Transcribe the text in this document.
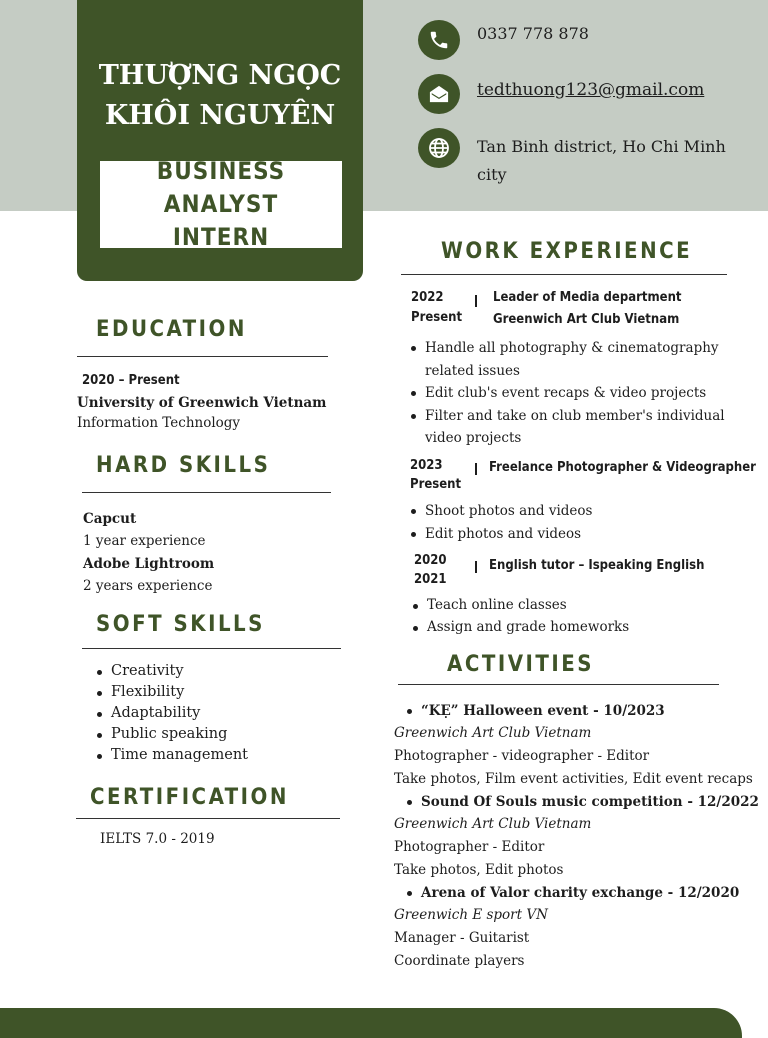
THƯỢNG NGỌC KHÔI NGUYÊN
BUSINESS ANALYST INTERN
0337 778 878
tedthuong123@gmail.com
Tan Binh district, Ho Chi Minh city
EDUCATION
2020 – Present
University of Greenwich Vietnam
Information Technology
HARD SKILLS
Capcut
1 year experience
Adobe Lightroom
2 years experience
SOFT SKILLS
Creativity
Flexibility
Adaptability
Public speaking
Time management
CERTIFICATION
IELTS 7.0 - 2019
WORK EXPERIENCE
2022
Present
Leader of Media department
Greenwich Art Club Vietnam
Handle all photography & cinematography
related issues
Edit club's event recaps & video projects
Filter and take on club member's individual
video projects
2023
Present
Freelance Photographer & Videographer
Shoot photos and videos
Edit photos and videos
2020
2021
English tutor – Ispeaking English
Teach online classes
Assign and grade homeworks
ACTIVITIES
“KẸ” Halloween event - 10/2023
Greenwich Art Club Vietnam
Photographer - videographer - Editor
Take photos, Film event activities, Edit event recaps
Sound Of Souls music competition - 12/2022
Greenwich Art Club Vietnam
Photographer - Editor
Take photos, Edit photos
Arena of Valor charity exchange - 12/2020
Greenwich E sport VN
Manager - Guitarist
Coordinate players
